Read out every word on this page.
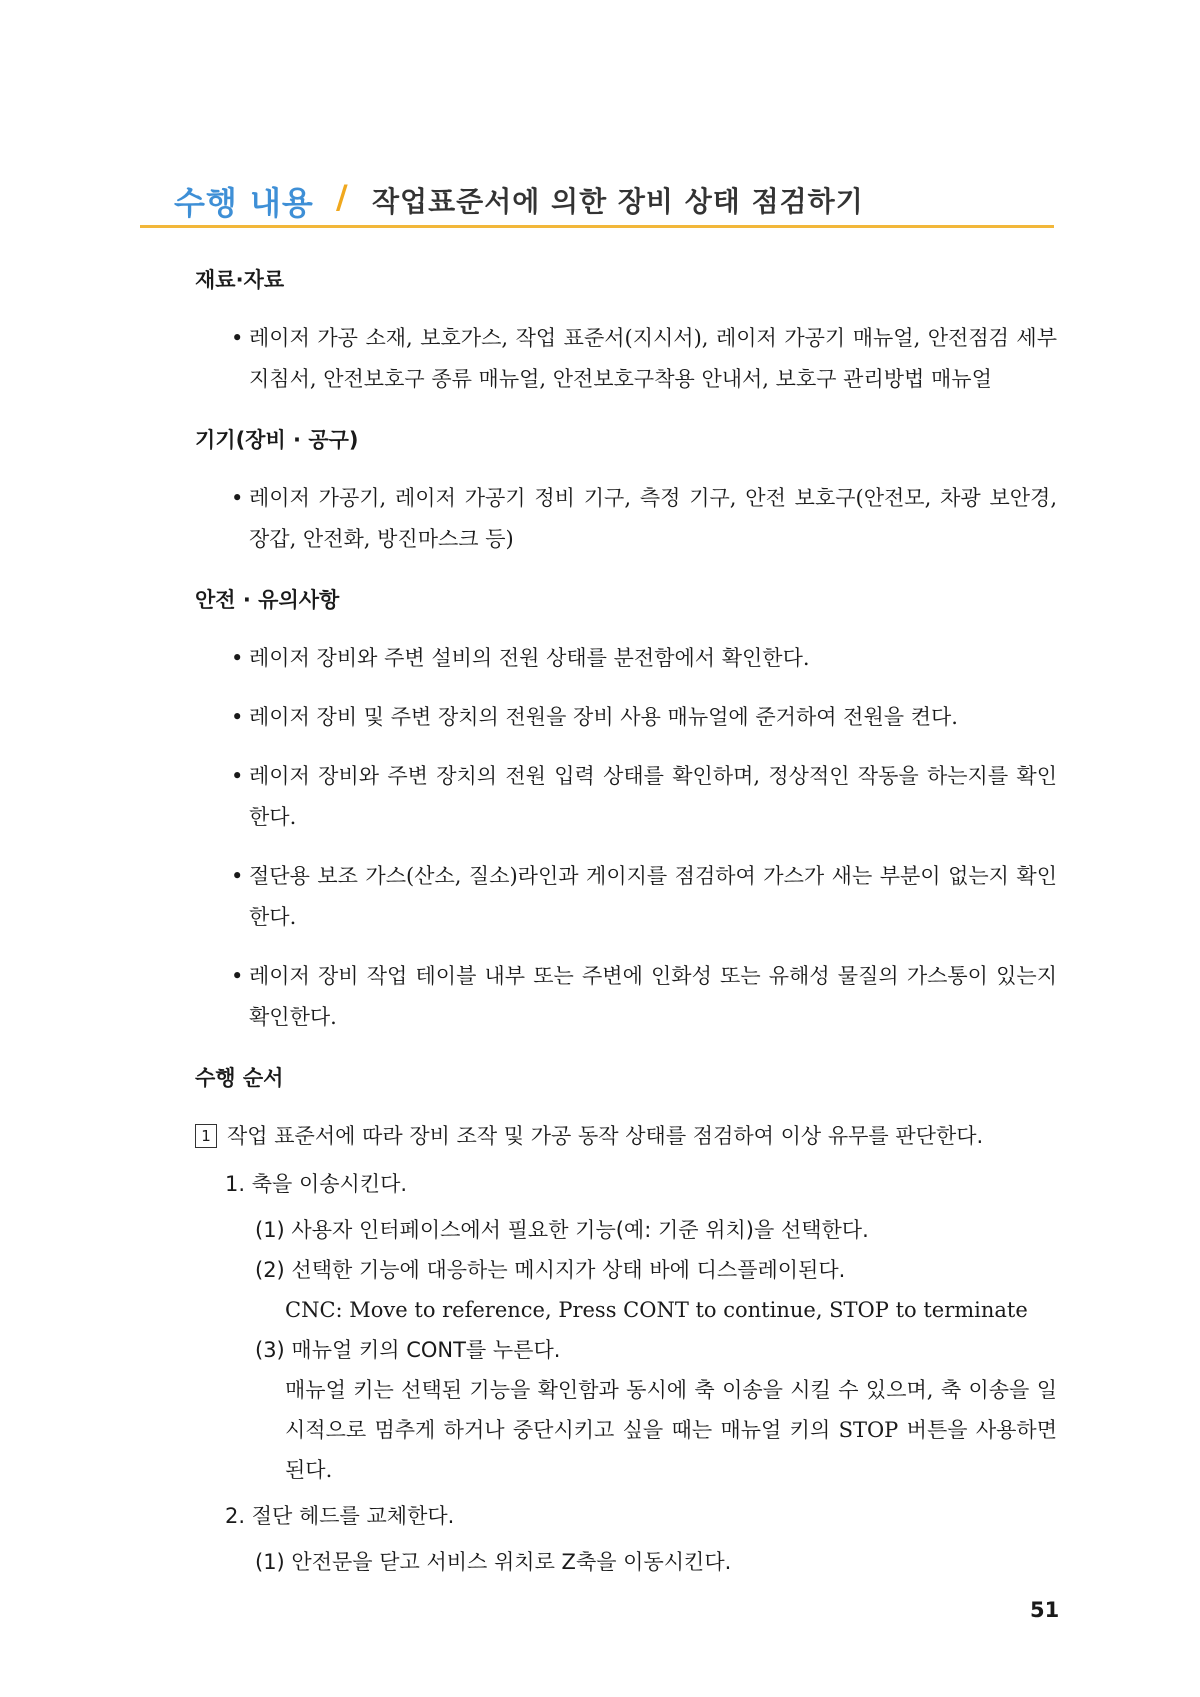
수행 내용 / 작업표준서에 의한 장비 상태 점검하기
재료·자료
• 레이저 가공 소재, 보호가스, 작업 표준서(지시서), 레이저 가공기 매뉴얼, 안전점검 세부지침서, 안전보호구 종류 매뉴얼, 안전보호구착용 안내서, 보호구 관리방법 매뉴얼
기기(장비 · 공구)
• 레이저 가공기, 레이저 가공기 정비 기구, 측정 기구, 안전 보호구(안전모, 차광 보안경, 장갑, 안전화, 방진마스크 등)
안전 · 유의사항
• 레이저 장비와 주변 설비의 전원 상태를 분전함에서 확인한다.
• 레이저 장비 및 주변 장치의 전원을 장비 사용 매뉴얼에 준거하여 전원을 켠다.
• 레이저 장비와 주변 장치의 전원 입력 상태를 확인하며, 정상적인 작동을 하는지를 확인한다.
• 절단용 보조 가스(산소, 질소)라인과 게이지를 점검하여 가스가 새는 부분이 없는지 확인한다.
• 레이저 장비 작업 테이블 내부 또는 주변에 인화성 또는 유해성 물질의 가스통이 있는지 확인한다.
수행 순서
1 작업 표준서에 따라 장비 조작 및 가공 동작 상태를 점검하여 이상 유무를 판단한다.

1. 축을 이송시킨다.

(1) 사용자 인터페이스에서 필요한 기능(예: 기준 위치)을 선택한다.

(2) 선택한 기능에 대응하는 메시지가 상태 바에 디스플레이된다.

CNC: Move to reference, Press CONT to continue, STOP to terminate

(3) 매뉴얼 키의 CONT를 누른다.

매뉴얼 키는 선택된 기능을 확인함과 동시에 축 이송을 시킬 수 있으며, 축 이송을 일시적으로 멈추게 하거나 중단시키고 싶을 때는 매뉴얼 키의 STOP 버튼을 사용하면 된다.

2. 절단 헤드를 교체한다.

(1) 안전문을 닫고 서비스 위치로 Z축을 이동시킨다.

51
